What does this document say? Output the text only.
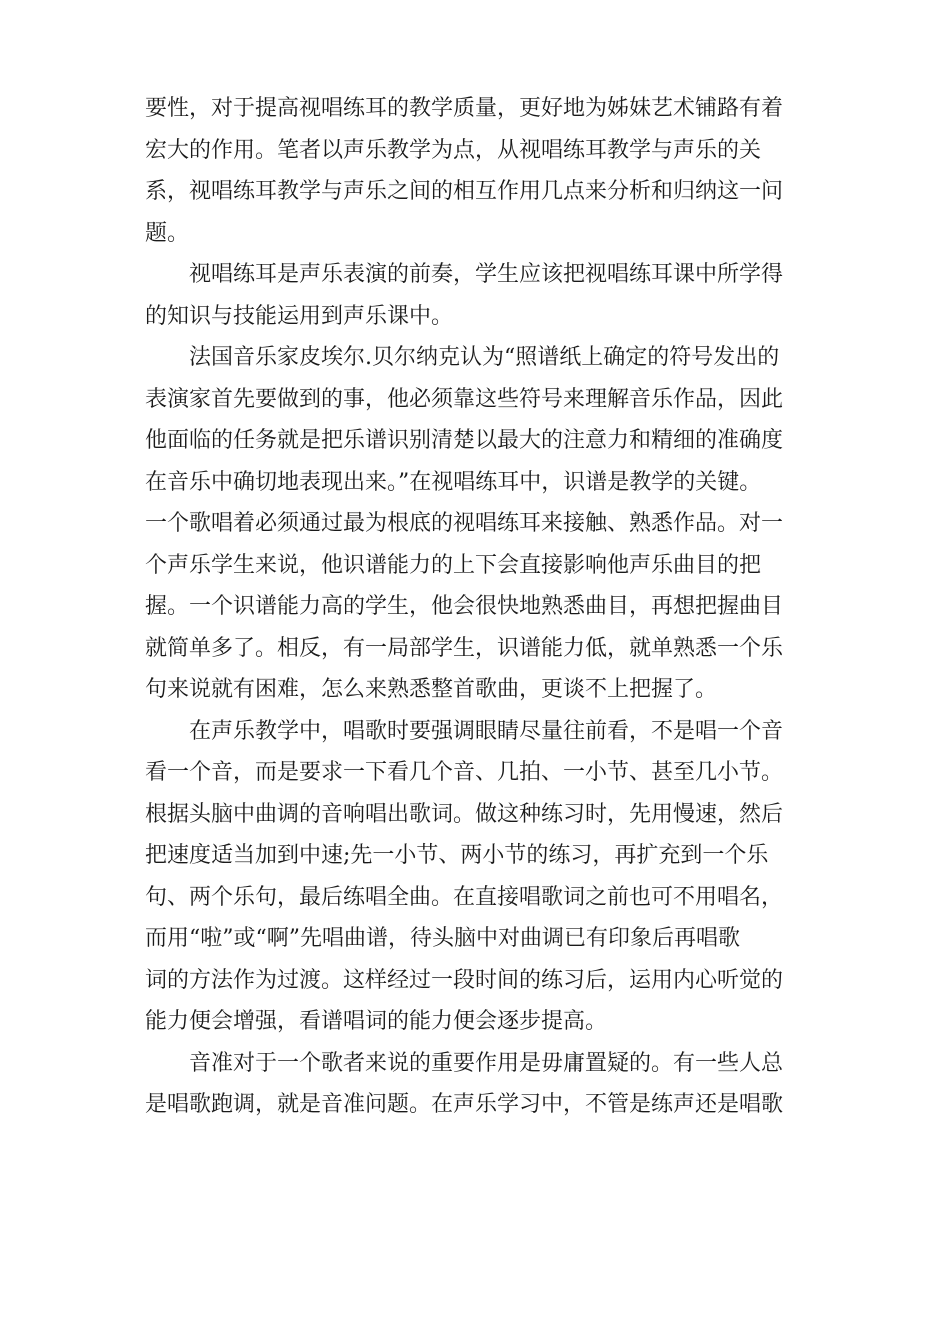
要性，对于提高视唱练耳的教学质量，更好地为姊妹艺术铺路有着
宏大的作用。笔者以声乐教学为点，从视唱练耳教学与声乐的关
系，视唱练耳教学与声乐之间的相互作用几点来分析和归纳这一问
题。
视唱练耳是声乐表演的前奏，学生应该把视唱练耳课中所学得
的知识与技能运用到声乐课中。
法国音乐家皮埃尔.贝尔纳克认为“照谱纸上确定的符号发出的
表演家首先要做到的事，他必须靠这些符号来理解音乐作品，因此
他面临的任务就是把乐谱识别清楚以最大的注意力和精细的准确度
在音乐中确切地表现出来。”在视唱练耳中，识谱是教学的关键。
一个歌唱着必须通过最为根底的视唱练耳来接触、熟悉作品。对一
个声乐学生来说，他识谱能力的上下会直接影响他声乐曲目的把
握。一个识谱能力高的学生，他会很快地熟悉曲目，再想把握曲目
就简单多了。相反，有一局部学生，识谱能力低，就单熟悉一个乐
句来说就有困难，怎么来熟悉整首歌曲，更谈不上把握了。
在声乐教学中，唱歌时要强调眼睛尽量往前看，不是唱一个音
看一个音，而是要求一下看几个音、几拍、一小节、甚至几小节。
根据头脑中曲调的音响唱出歌词。做这种练习时，先用慢速，然后
把速度适当加到中速;先一小节、两小节的练习，再扩充到一个乐
句、两个乐句，最后练唱全曲。在直接唱歌词之前也可不用唱名，
而用“啦”或“啊”先唱曲谱，待头脑中对曲调已有印象后再唱歌
词的方法作为过渡。这样经过一段时间的练习后，运用内心听觉的
能力便会增强，看谱唱词的能力便会逐步提高。
音准对于一个歌者来说的重要作用是毋庸置疑的。有一些人总
是唱歌跑调，就是音准问题。在声乐学习中，不管是练声还是唱歌
